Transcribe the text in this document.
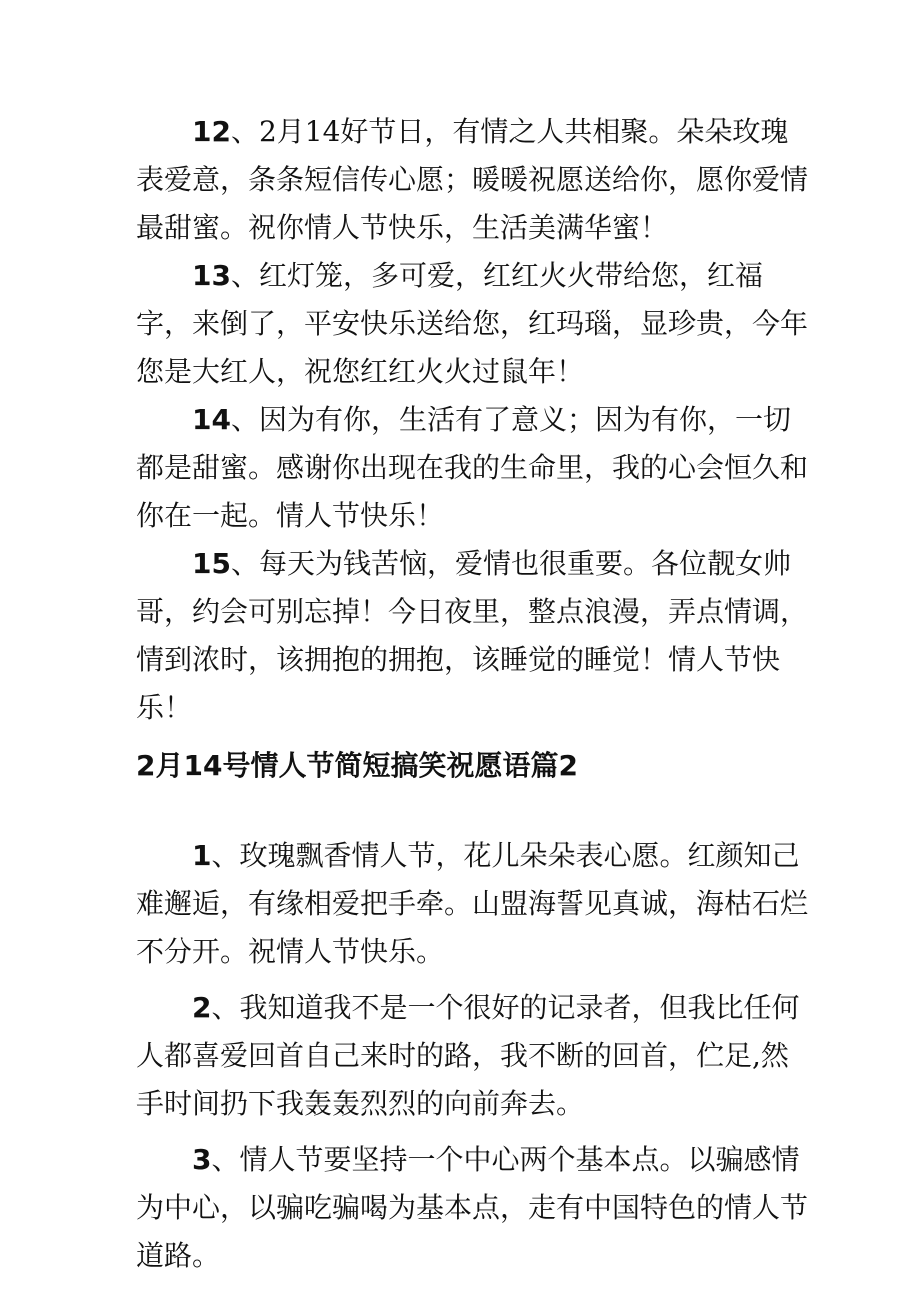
12、2月14好节日，有情之人共相聚。朵朵玫瑰表爱意，条条短信传心愿；暖暖祝愿送给你，愿你爱情最甜蜜。祝你情人节快乐，生活美满华蜜！

13、红灯笼，多可爱，红红火火带给您，红福字，来倒了，平安快乐送给您，红玛瑙，显珍贵，今年您是大红人，祝您红红火火过鼠年！

14、因为有你，生活有了意义；因为有你，一切都是甜蜜。感谢你出现在我的生命里，我的心会恒久和你在一起。情人节快乐！

15、每天为钱苦恼，爱情也很重要。各位靓女帅哥，约会可别忘掉！今日夜里，整点浪漫，弄点情调，情到浓时，该拥抱的拥抱，该睡觉的睡觉！情人节快乐！

2月14号情人节简短搞笑祝愿语篇2

1、玫瑰飘香情人节，花儿朵朵表心愿。红颜知己难邂逅，有缘相爱把手牵。山盟海誓见真诚，海枯石烂不分开。祝情人节快乐。

2、我知道我不是一个很好的记录者，但我比任何人都喜爱回首自己来时的路，我不断的回首，伫足,然手时间扔下我轰轰烈烈的向前奔去。

3、情人节要坚持一个中心两个基本点。以骗感情为中心，以骗吃骗喝为基本点，走有中国特色的情人节道路。
